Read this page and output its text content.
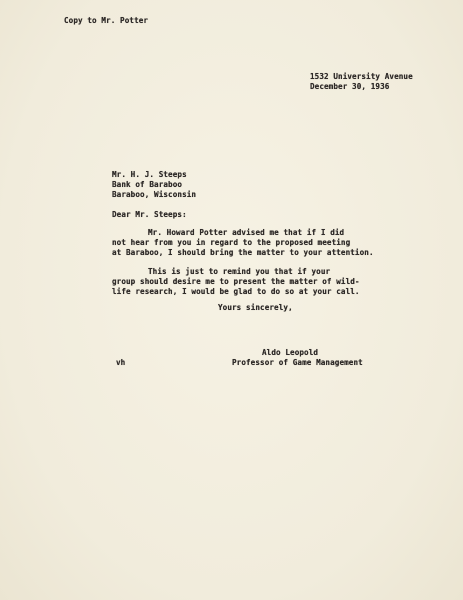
Copy to Mr. Potter
1532 University Avenue
December 30, 1936
Mr. H. J. Steeps
Bank of Baraboo
Baraboo, Wisconsin
Dear Mr. Steeps:
Mr. Howard Potter advised me that if I did
not hear from you in regard to the proposed meeting
at Baraboo, I should bring the matter to your attention.
This is just to remind you that if your
group should desire me to present the matter of wild-
life research, I would be glad to do so at your call.
Yours sincerely,
Aldo Leopold
Professor of Game Management
vh
